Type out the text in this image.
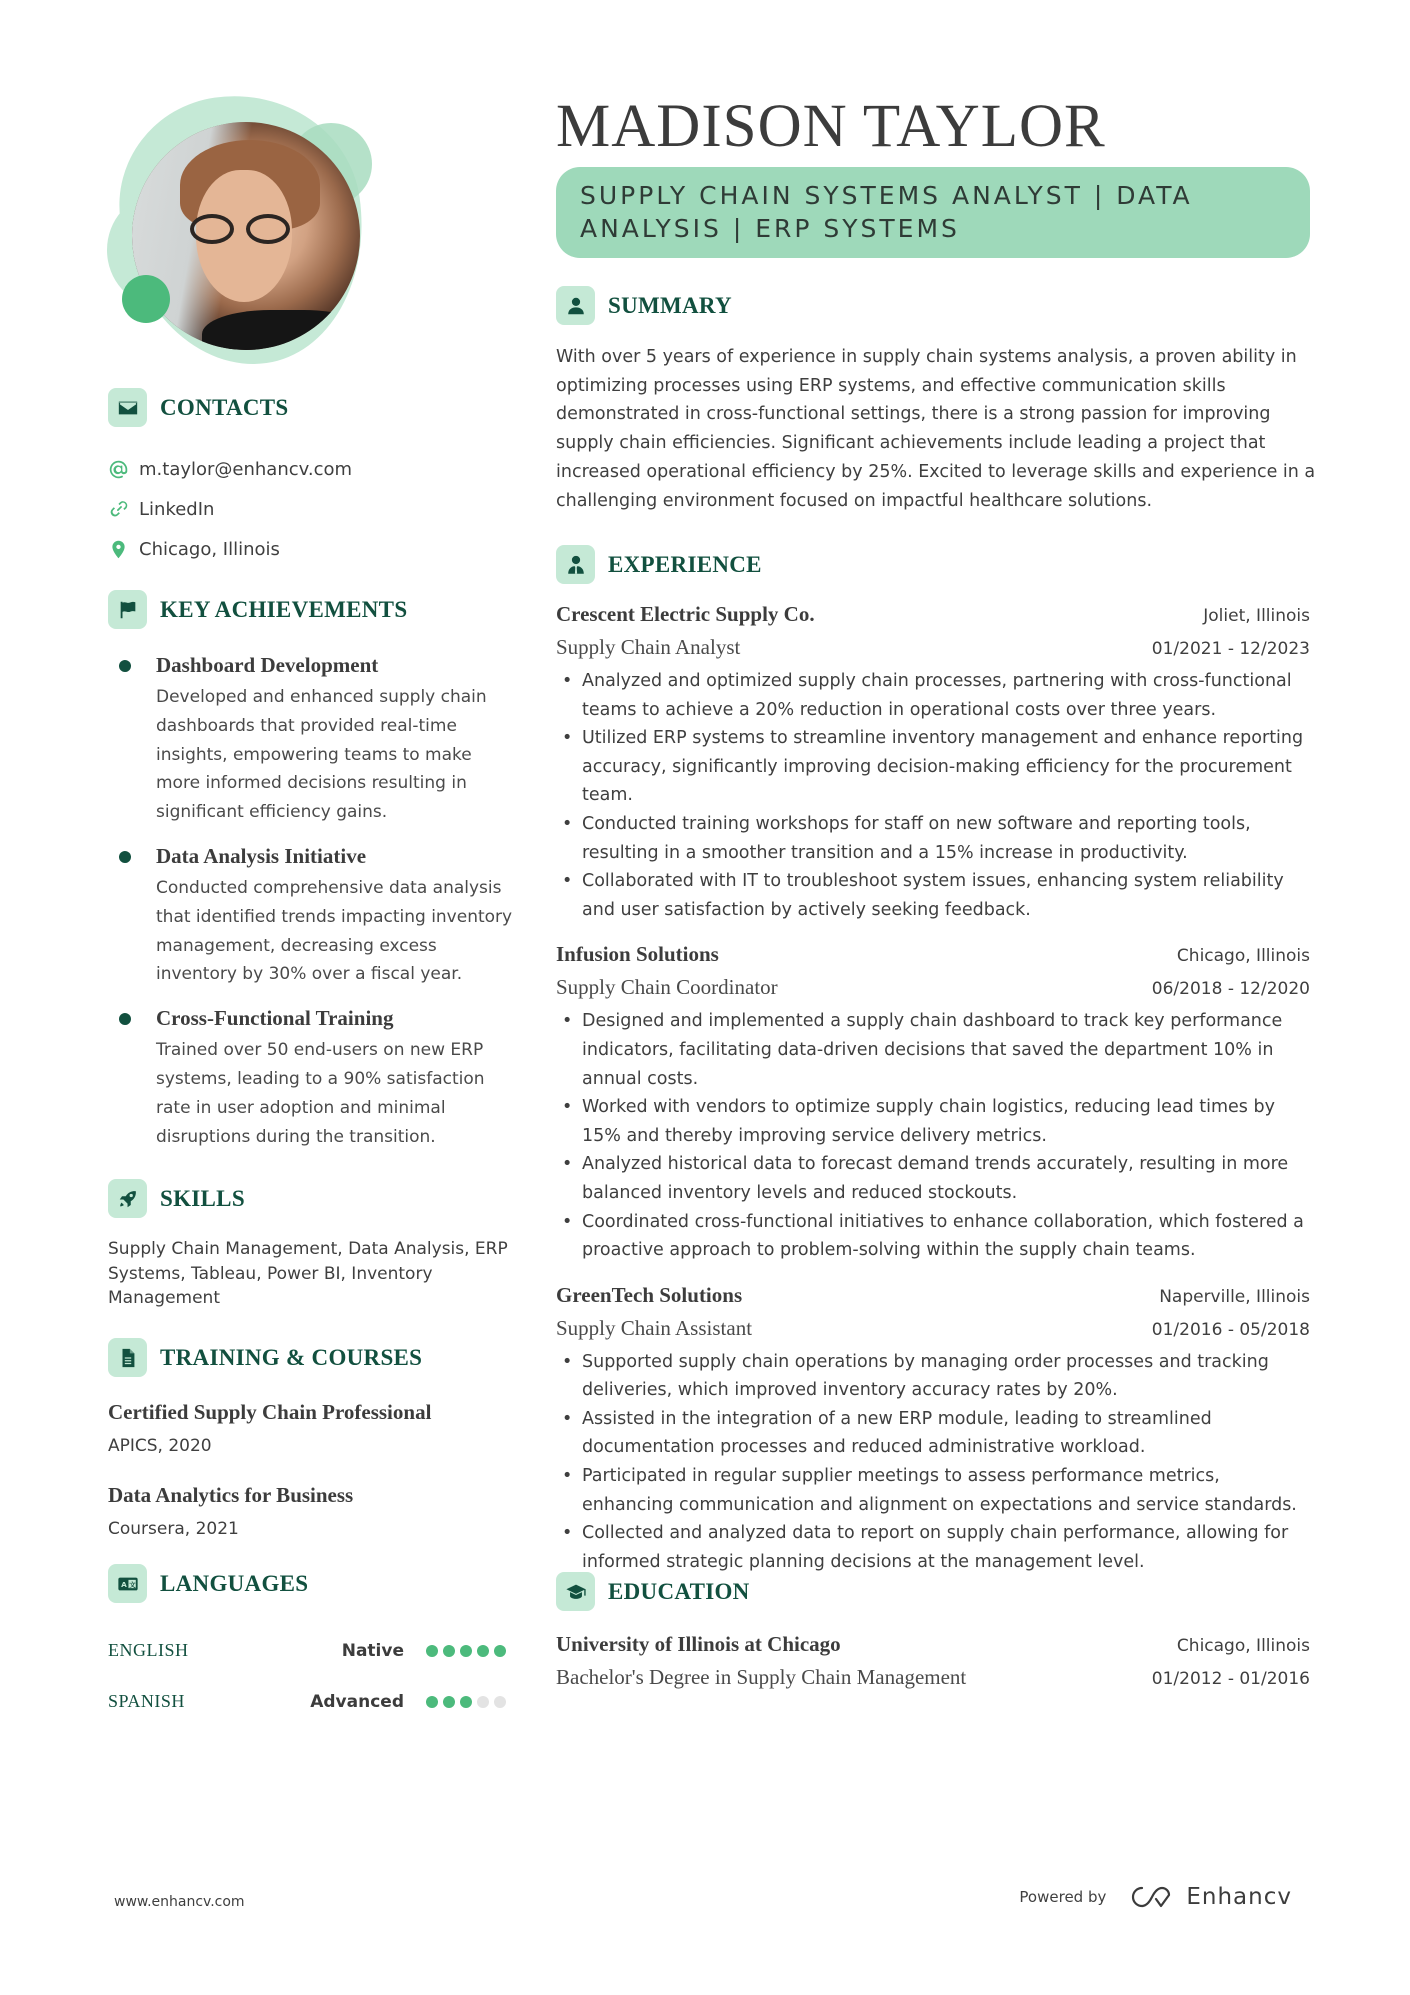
MADISON TAYLOR
SUPPLY CHAIN SYSTEMS ANALYST | DATA ANALYSIS | ERP SYSTEMS
CONTACTS
m.taylor@enhancv.com
LinkedIn
Chicago, Illinois
KEY ACHIEVEMENTS
Dashboard Development
Developed and enhanced supply chain dashboards that provided real-time insights, empowering teams to make more informed decisions resulting in significant efficiency gains.
Data Analysis Initiative
Conducted comprehensive data analysis that identified trends impacting inventory management, decreasing excess inventory by 30% over a fiscal year.
Cross-Functional Training
Trained over 50 end-users on new ERP systems, leading to a 90% satisfaction rate in user adoption and minimal disruptions during the transition.
SKILLS
Supply Chain Management, Data Analysis, ERP Systems, Tableau, Power BI, Inventory Management
TRAINING & COURSES
Certified Supply Chain Professional
APICS, 2020
Data Analytics for Business
Coursera, 2021
A 文 LANGUAGES
ENGLISH	Native
SPANISH	Advanced
SUMMARY

With over 5 years of experience in supply chain systems analysis, a proven ability in optimizing processes using ERP systems, and effective communication skills demonstrated in cross-functional settings, there is a strong passion for improving supply chain efficiencies. Significant achievements include leading a project that increased operational efficiency by 25%. Excited to leverage skills and experience in a challenging environment focused on impactful healthcare solutions.

EXPERIENCE
Crescent Electric Supply Co.	Joliet, Illinois
Supply Chain Analyst	01/2021 - 12/2023
• Analyzed and optimized supply chain processes, partnering with cross-functional teams to achieve a 20% reduction in operational costs over three years.
• Utilized ERP systems to streamline inventory management and enhance reporting accuracy, significantly improving decision-making efficiency for the procurement team.
• Conducted training workshops for staff on new software and reporting tools, resulting in a smoother transition and a 15% increase in productivity.
• Collaborated with IT to troubleshoot system issues, enhancing system reliability and user satisfaction by actively seeking feedback.
Infusion Solutions	Chicago, Illinois
Supply Chain Coordinator	06/2018 - 12/2020
• Designed and implemented a supply chain dashboard to track key performance indicators, facilitating data-driven decisions that saved the department 10% in annual costs.
• Worked with vendors to optimize supply chain logistics, reducing lead times by 15% and thereby improving service delivery metrics.
• Analyzed historical data to forecast demand trends accurately, resulting in more balanced inventory levels and reduced stockouts.
• Coordinated cross-functional initiatives to enhance collaboration, which fostered a proactive approach to problem-solving within the supply chain teams.
GreenTech Solutions	Naperville, Illinois
Supply Chain Assistant	01/2016 - 05/2018
• Supported supply chain operations by managing order processes and tracking deliveries, which improved inventory accuracy rates by 20%.
• Assisted in the integration of a new ERP module, leading to streamlined documentation processes and reduced administrative workload.
• Participated in regular supplier meetings to assess performance metrics, enhancing communication and alignment on expectations and service standards.
• Collected and analyzed data to report on supply chain performance, allowing for informed strategic planning decisions at the management level.
EDUCATION
University of Illinois at Chicago	Chicago, Illinois
Bachelor's Degree in Supply Chain Management	01/2012 - 01/2016
www.enhancv.com	Powered by	Enhancv
